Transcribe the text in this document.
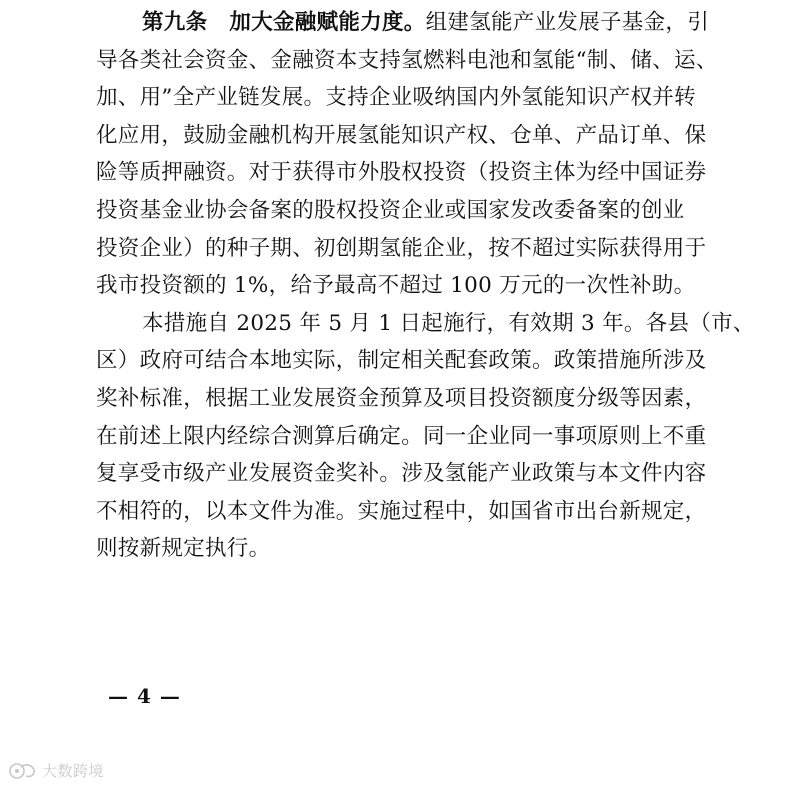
第九条 加大金融赋能力度。组建氢能产业发展子基金，引
导各类社会资金、金融资本支持氢燃料电池和氢能“制、储、运、
加、用”全产业链发展。支持企业吸纳国内外氢能知识产权并转
化应用，鼓励金融机构开展氢能知识产权、仓单、产品订单、保
险等质押融资。对于获得市外股权投资（投资主体为经中国证券
投资基金业协会备案的股权投资企业或国家发改委备案的创业
投资企业）的种子期、初创期氢能企业，按不超过实际获得用于
我市投资额的 1%，给予最高不超过 100 万元的一次性补助。
本措施自 2025 年 5 月 1 日起施行，有效期 3 年。各县（市、
区）政府可结合本地实际，制定相关配套政策。政策措施所涉及
奖补标准，根据工业发展资金预算及项目投资额度分级等因素，
在前述上限内经综合测算后确定。同一企业同一事项原则上不重
复享受市级产业发展资金奖补。涉及氢能产业政策与本文件内容
不相符的，以本文件为准。实施过程中，如国省市出台新规定，
则按新规定执行。
— 4 —
大数跨境
